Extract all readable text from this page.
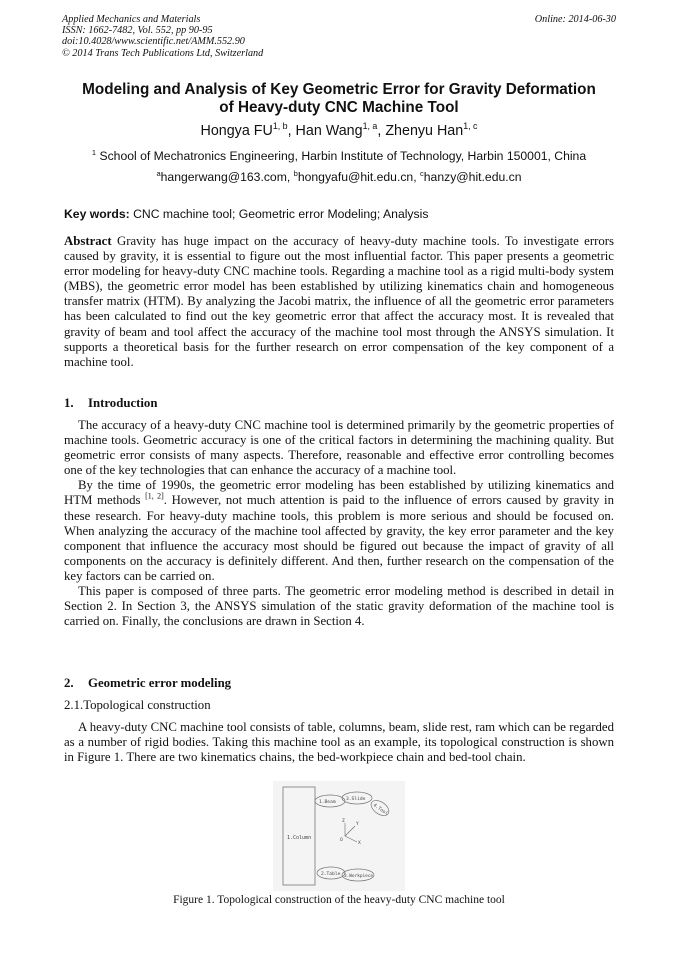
Applied Mechanics and Materials
ISSN: 1662-7482, Vol. 552, pp 90-95
doi:10.4028/www.scientific.net/AMM.552.90
© 2014 Trans Tech Publications Ltd, Switzerland
Online: 2014-06-30
Modeling and Analysis of Key Geometric Error for Gravity Deformation
of Heavy-duty CNC Machine Tool
Hongya FU$^{1, b}$, Han Wang$^{1, a}$, Zhenyu Han$^{1, c}$
$^1$ School of Mechatronics Engineering, Harbin Institute of Technology, Harbin 150001, China
$^a$hangerwang@163.com, $^b$hongyafu@hit.edu.cn, $^c$hanzy@hit.edu.cn
Key words: CNC machine tool; Geometric error Modeling; Analysis

Abstract Gravity has huge impact on the accuracy of heavy-duty machine tools. To investigate errors caused by gravity, it is essential to figure out the most influential factor. This paper presents a geometric error modeling for heavy-duty CNC machine tools. Regarding a machine tool as a rigid multi-body system (MBS), the geometric error model has been established by utilizing kinematics chain and homogeneous transfer matrix (HTM). By analyzing the Jacobi matrix, the influence of all the geometric error parameters has been calculated to find out the key geometric error that affect the accuracy most. It is revealed that gravity of beam and tool affect the accuracy of the machine tool most through the ANSYS simulation. It supports a theoretical basis for the further research on error compensation of the key component of a machine tool.

1. Introduction

The accuracy of a heavy-duty CNC machine tool is determined primarily by the geometric properties of machine tools. Geometric accuracy is one of the critical factors in determining the machining quality. But geometric error consists of many aspects. Therefore, reasonable and effective error controlling becomes one of the key technologies that can enhance the accuracy of a machine tool.

By the time of 1990s, the geometric error modeling has been established by utilizing kinematics and HTM methods [1, 2]. However, not much attention is paid to the influence of errors caused by gravity in these research. For heavy-duty machine tools, this problem is more serious and should be focused on. When analyzing the accuracy of the machine tool affected by gravity, the key error parameter and the key component that influence the accuracy most should be figured out because the impact of gravity of all components on the accuracy is definitely different. And then, further research on the compensation of the key factors can be carried on.

This paper is composed of three parts. The geometric error modeling method is described in detail in Section 2. In Section 3, the ANSYS simulation of the static gravity deformation of the machine tool is carried on. Finally, the conclusions are drawn in Section 4.

2. Geometric error modeling
2.1.Topological construction

A heavy-duty CNC machine tool consists of table, columns, beam, slide rest, ram which can be regarded as a number of rigid bodies. Taking this machine tool as an example, its topological construction is shown in Figure 1. There are two kinematics chains, the bed-workpiece chain and bed-tool chain.

1.Column
1.Beam
3.Slide
4.Tool
2.Table 3.Workpiece
Z
Y
X
O
Figure 1. Topological construction of the heavy-duty CNC machine tool
